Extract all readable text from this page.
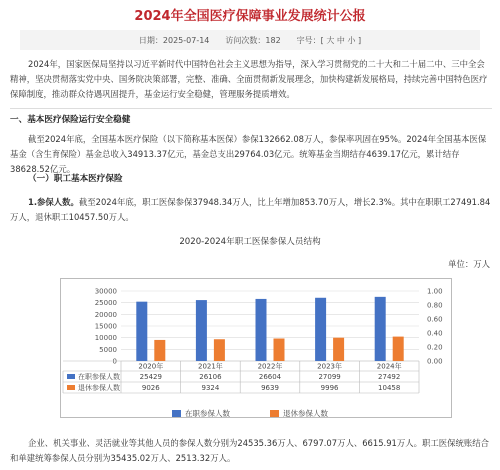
2024年全国医疗保障事业发展统计公报
日期：2025-07-14 访问次数：182 字号：[ 大 中 小 ]

2024年，国家医保局坚持以习近平新时代中国特色社会主义思想为指导，深入学习贯彻党的二十大和二十届二中、三中全会精神，坚决贯彻落实党中央、国务院决策部署，完整、准确、全面贯彻新发展理念，加快构建新发展格局，持续完善中国特色医疗保障制度，推动群众待遇巩固提升，基金运行安全稳健，管理服务提质增效。

一、基本医疗保险运行安全稳健

截至2024年底，全国基本医疗保险（以下简称基本医保）参保132662.08万人，参保率巩固在95%。2024年全国基本医保基金（含生育保险）基金总收入34913.37亿元，基金总支出29764.03亿元。统筹基金当期结存4639.17亿元，累计结存38628.52亿元。

（一）职工基本医疗保险

1.参保人数。截至2024年底，职工医保参保37948.34万人，比上年增加853.70万人，增长2.3%。其中在职职工27491.84万人，退休职工10457.50万人。

2020-2024年职工医保参保人员结构
单位：万人
0
5000
10000
15000
20000
25000
30000
0.00
0.20
0.40
0.60
0.80
1.00
2020年	2021年	2022年	2023年	2024年
在职参保人数	25429	26106	26604	27099	27492
退休参保人数	9026	9324	9639	9996	10458
在职参保人数	退休参保人数

企业、机关事业、灵活就业等其他人员的参保人数分别为24535.36万人、6797.07万人、6615.91万人。职工医保统账结合和单建统筹参保人员分别为35435.02万人、2513.32万人。
